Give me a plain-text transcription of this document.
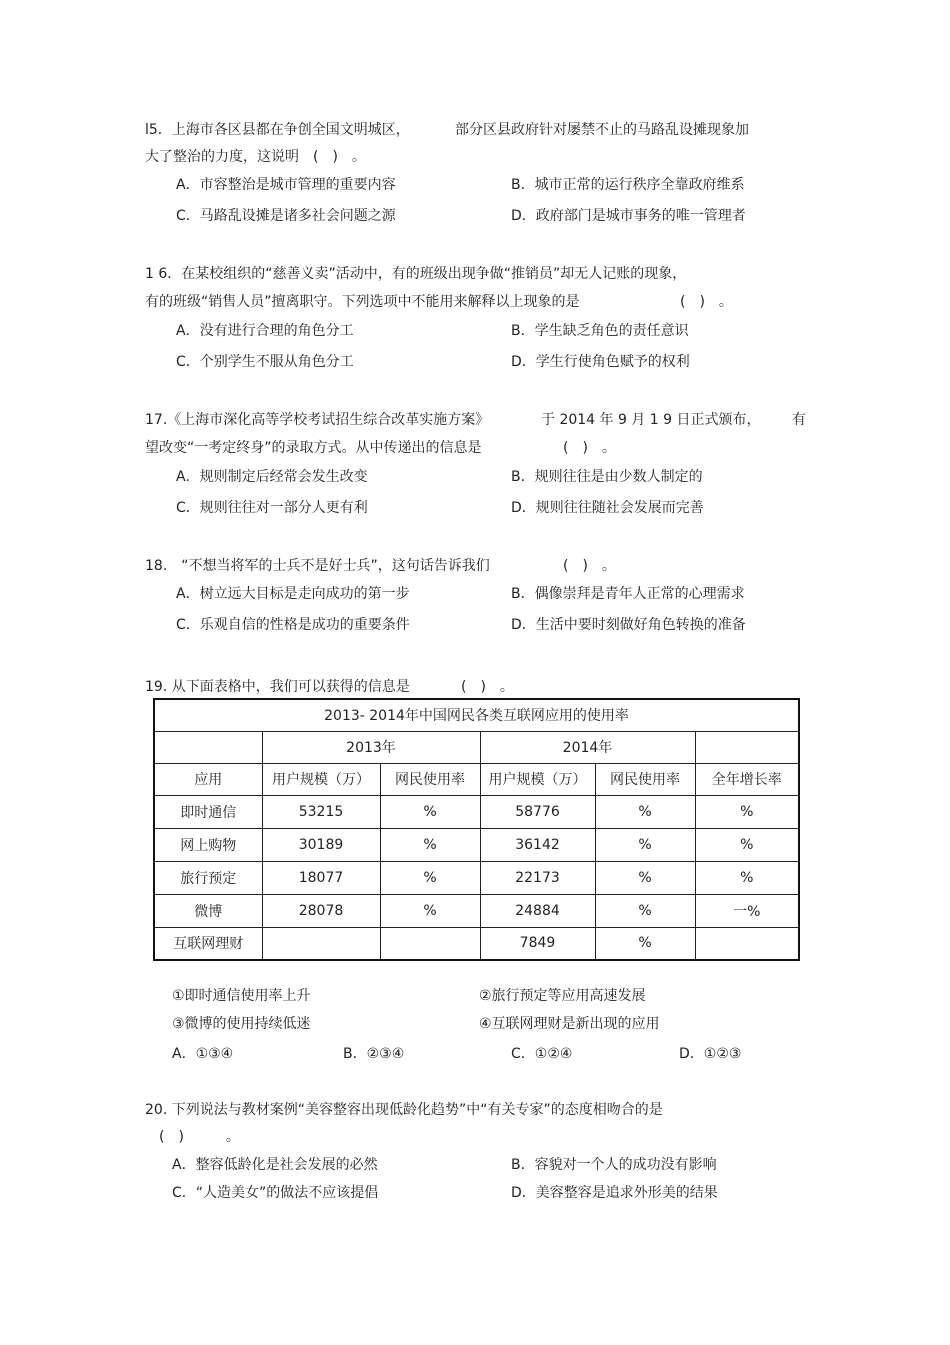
l5．上海市各区县都在争创全国文明城区，	部分区县政府针对屡禁不止的马路乱设摊现象加
大了整治的力度，这说明　(　)　。
A．市容整治是城市管理的重要内容	B．城市正常的运行秩序全靠政府维系
C．马路乱设摊是诸多社会问题之源	D．政府部门是城市事务的唯一管理者
1 6．在某校组织的“慈善义卖”活动中，有的班级出现争做“推销员”却无人记账的现象，
有的班级“销售人员”擅离职守。下列选项中不能用来解释以上现象的是	(　)　。
A．没有进行合理的角色分工	B．学生缺乏角色的责任意识
C．个别学生不服从角色分工	D．学生行使角色赋予的权利
17.《上海市深化高等学校考试招生综合改革实施方案》	于 2014 年 9 月 1 9 日正式颁布， 有
望改变“一考定终身”的录取方式。从中传递出的信息是	(　)　。
A．规则制定后经常会发生改变	B．规则往往是由少数人制定的
C．规则往往对一部分人更有利	D．规则往往随社会发展而完善
18.　“不想当将军的士兵不是好士兵”，这句话告诉我们	(　)　。
A．树立远大目标是走向成功的第一步	B．偶像崇拜是青年人正常的心理需求
C．乐观自信的性格是成功的重要条件	D．生活中要时刻做好角色转换的准备
19. 从下面表格中，我们可以获得的信息是	(　)　。
2013- 2014年中国网民各类互联网应用的使用率					
	2013年		2014年		
应用	用户规模（万）	网民使用率	用户规模（万）	网民使用率	全年增长率
即时通信	53215	%	58776	%	%
网上购物	30189	%	36142	%	%
旅行预定	18077	%	22173	%	%
微博	28078	%	24884	%	一%
互联网理财			7849	%	
①即时通信使用率上升	②旅行预定等应用高速发展
③微博的使用持续低迷	④互联网理财是新出现的应用
A．①③④	B．②③④	C．①②④	D．①②③
20. 下列说法与教材案例“美容整容出现低龄化趋势”中“有关专家”的态度相吻合的是
(　)　　　。
A．整容低龄化是社会发展的必然	B．容貌对一个人的成功没有影响
C．“人造美女”的做法不应该提倡	D．美容整容是追求外形美的结果
